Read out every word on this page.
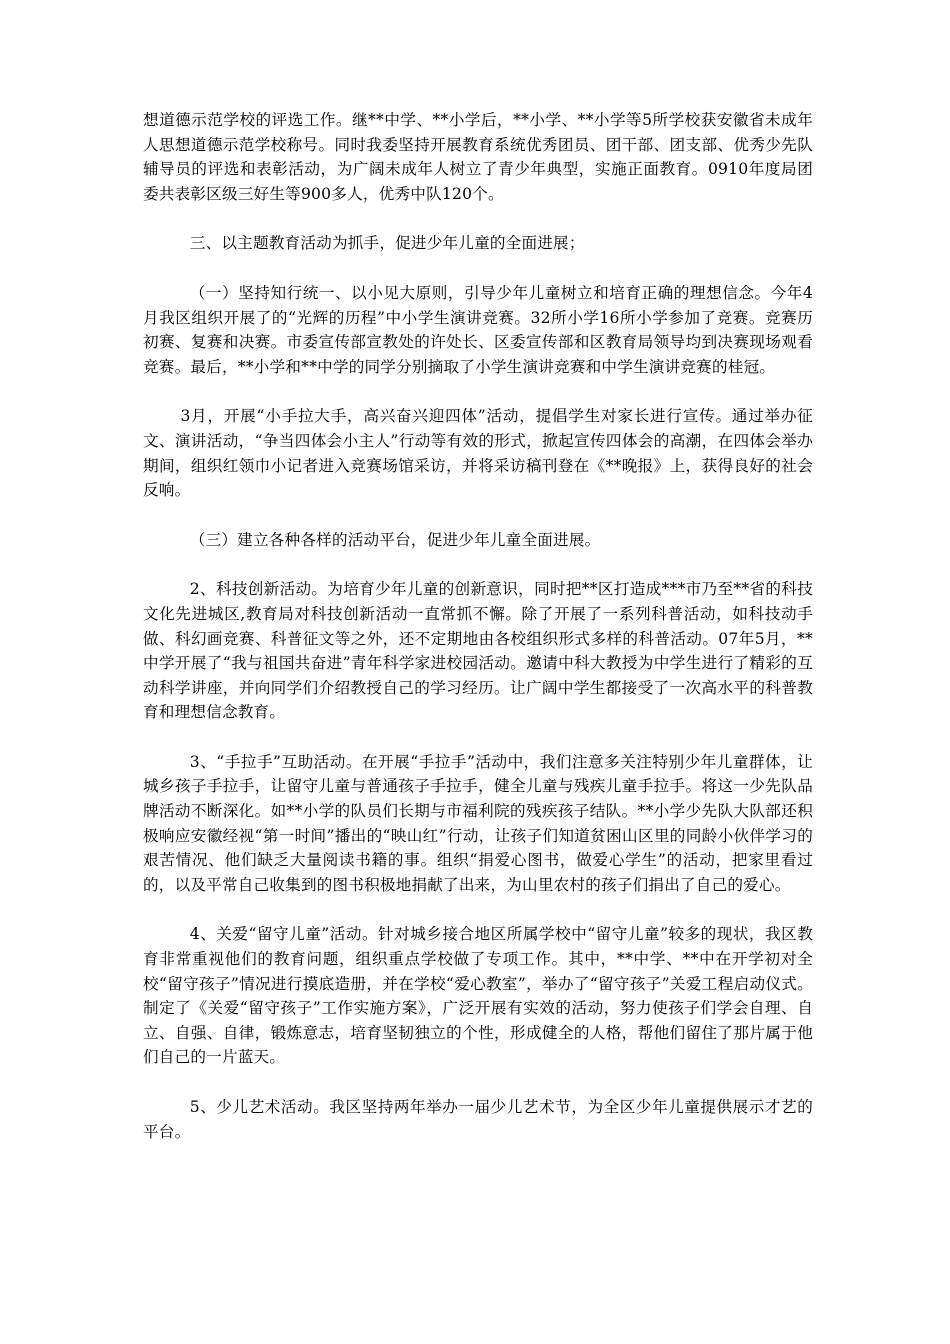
想道德示范学校的评选工作。继**中学、**小学后，**小学、**小学等5所学校获安徽省未成年人思想道德示范学校称号。同时我委坚持开展教育系统优秀团员、团干部、团支部、优秀少先队辅导员的评选和表彰活动，为广阔未成年人树立了青少年典型，实施正面教育。0910年度局团委共表彰区级三好生等900多人，优秀中队120个。

三、以主题教育活动为抓手，促进少年儿童的全面进展；

（一）坚持知行统一、以小见大原则，引导少年儿童树立和培育正确的理想信念。今年4月我区组织开展了的“光辉的历程”中小学生演讲竞赛。32所小学16所小学参加了竞赛。竞赛历初赛、复赛和决赛。市委宣传部宣教处的许处长、区委宣传部和区教育局领导均到决赛现场观看竞赛。最后，**小学和**中学的同学分别摘取了小学生演讲竞赛和中学生演讲竞赛的桂冠。

3月，开展“小手拉大手，高兴奋兴迎四体”活动，提倡学生对家长进行宣传。通过举办征文、演讲活动，“争当四体会小主人”行动等有效的形式，掀起宣传四体会的高潮，在四体会举办期间，组织红领巾小记者进入竞赛场馆采访，并将采访稿刊登在《**晚报》上，获得良好的社会反响。

（三）建立各种各样的活动平台，促进少年儿童全面进展。

2、科技创新活动。为培育少年儿童的创新意识，同时把**区打造成***市乃至**省的科技文化先进城区,教育局对科技创新活动一直常抓不懈。除了开展了一系列科普活动，如科技动手做、科幻画竞赛、科普征文等之外，还不定期地由各校组织形式多样的科普活动。07年5月，**中学开展了“我与祖国共奋进”青年科学家进校园活动。邀请中科大教授为中学生进行了精彩的互动科学讲座，并向同学们介绍教授自己的学习经历。让广阔中学生都接受了一次高水平的科普教育和理想信念教育。

3、“手拉手”互助活动。在开展“手拉手”活动中，我们注意多关注特别少年儿童群体，让城乡孩子手拉手，让留守儿童与普通孩子手拉手，健全儿童与残疾儿童手拉手。将这一少先队品牌活动不断深化。如**小学的队员们长期与市福利院的残疾孩子结队。**小学少先队大队部还积极响应安徽经视“第一时间”播出的“映山红”行动，让孩子们知道贫困山区里的同龄小伙伴学习的艰苦情况、他们缺乏大量阅读书籍的事。组织“捐爱心图书，做爱心学生”的活动，把家里看过的，以及平常自己收集到的图书积极地捐献了出来，为山里农村的孩子们捐出了自己的爱心。

4、关爱“留守儿童”活动。针对城乡接合地区所属学校中“留守儿童”较多的现状，我区教育非常重视他们的教育问题，组织重点学校做了专项工作。其中，**中学、**中在开学初对全校“留守孩子”情况进行摸底造册，并在学校“爱心教室”，举办了“留守孩子”关爱工程启动仪式。制定了《关爱“留守孩子”工作实施方案》，广泛开展有实效的活动，努力使孩子们学会自理、自立、自强、自律，锻炼意志，培育坚韧独立的个性，形成健全的人格，帮他们留住了那片属于他们自己的一片蓝天。

5、少儿艺术活动。我区坚持两年举办一届少儿艺术节，为全区少年儿童提供展示才艺的平台。
